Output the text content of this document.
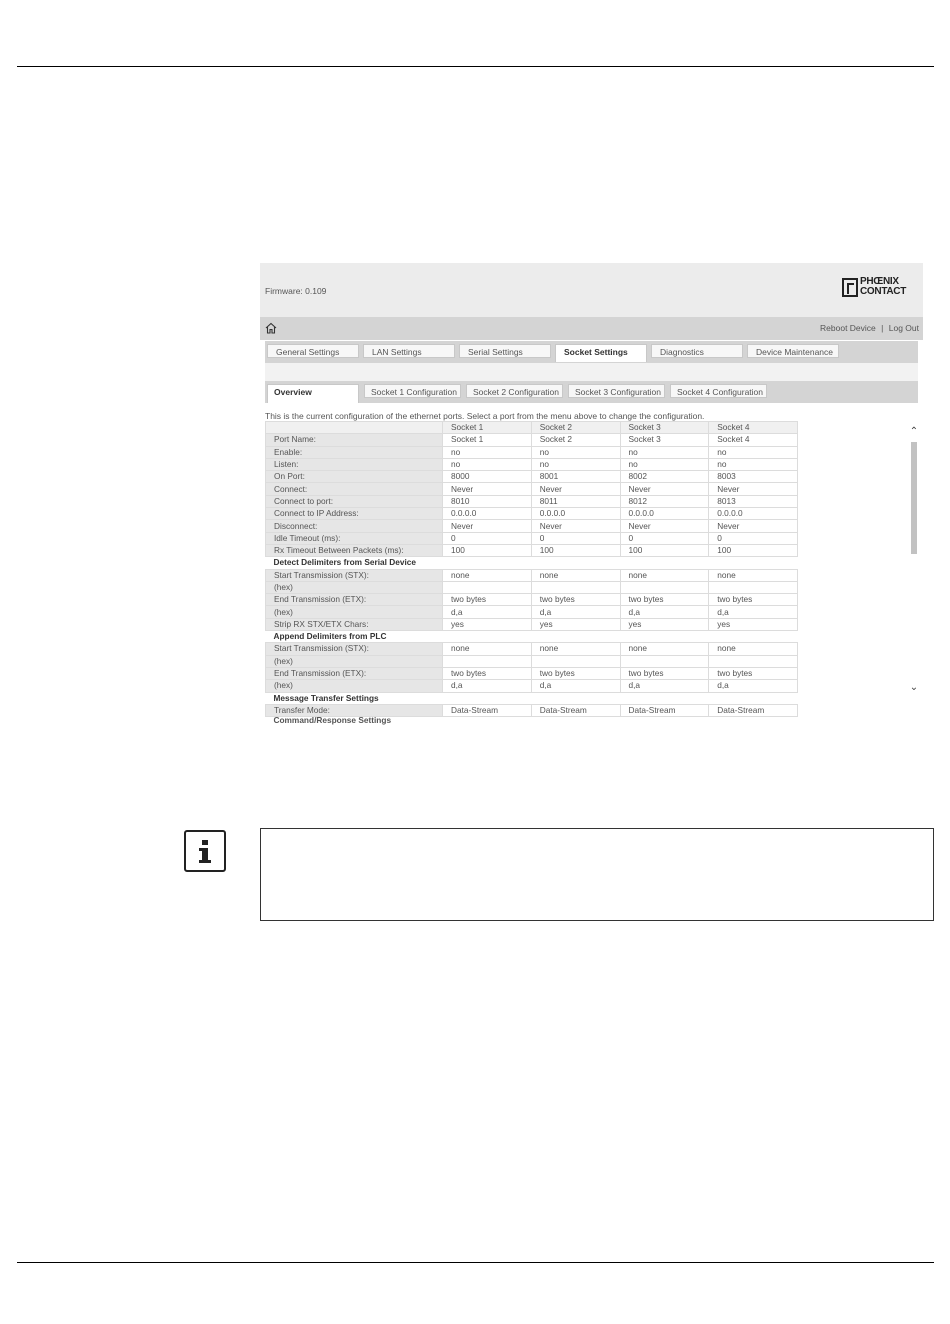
Firmware: 0.109
PHŒNIX
CONTACT
Reboot Device | Log Out
General Settings	LAN Settings	Serial Settings	Socket Settings	Diagnostics	Device Maintenance
Overview	Socket 1 Configuration	Socket 2 Configuration	Socket 3 Configuration	Socket 4 Configuration
This is the current configuration of the ethernet ports. Select a port from the menu above to change the configuration.
	Socket 1	Socket 2	Socket 3	Socket 4
Port Name:	Socket 1	Socket 2	Socket 3	Socket 4
Enable:	no	no	no	no
Listen:	no	no	no	no
On Port:	8000	8001	8002	8003
Connect:	Never	Never	Never	Never
Connect to port:	8010	8011	8012	8013
Connect to IP Address:	0.0.0.0	0.0.0.0	0.0.0.0	0.0.0.0
Disconnect:	Never	Never	Never	Never
Idle Timeout (ms):	0	0	0	0
Rx Timeout Between Packets (ms):	100	100	100	100
Detect Delimiters from Serial Device				
Start Transmission (STX):	none	none	none	none
(hex)				
End Transmission (ETX):	two bytes	two bytes	two bytes	two bytes
(hex)	d,a	d,a	d,a	d,a
Strip RX STX/ETX Chars:	yes	yes	yes	yes
Append Delimiters from PLC				
Start Transmission (STX):	none	none	none	none
(hex)				
End Transmission (ETX):	two bytes	two bytes	two bytes	two bytes
(hex)	d,a	d,a	d,a	d,a
Message Transfer Settings				
Transfer Mode:	Data-Stream	Data-Stream	Data-Stream	Data-Stream
Command/Response Settings				
⌃
⌄
